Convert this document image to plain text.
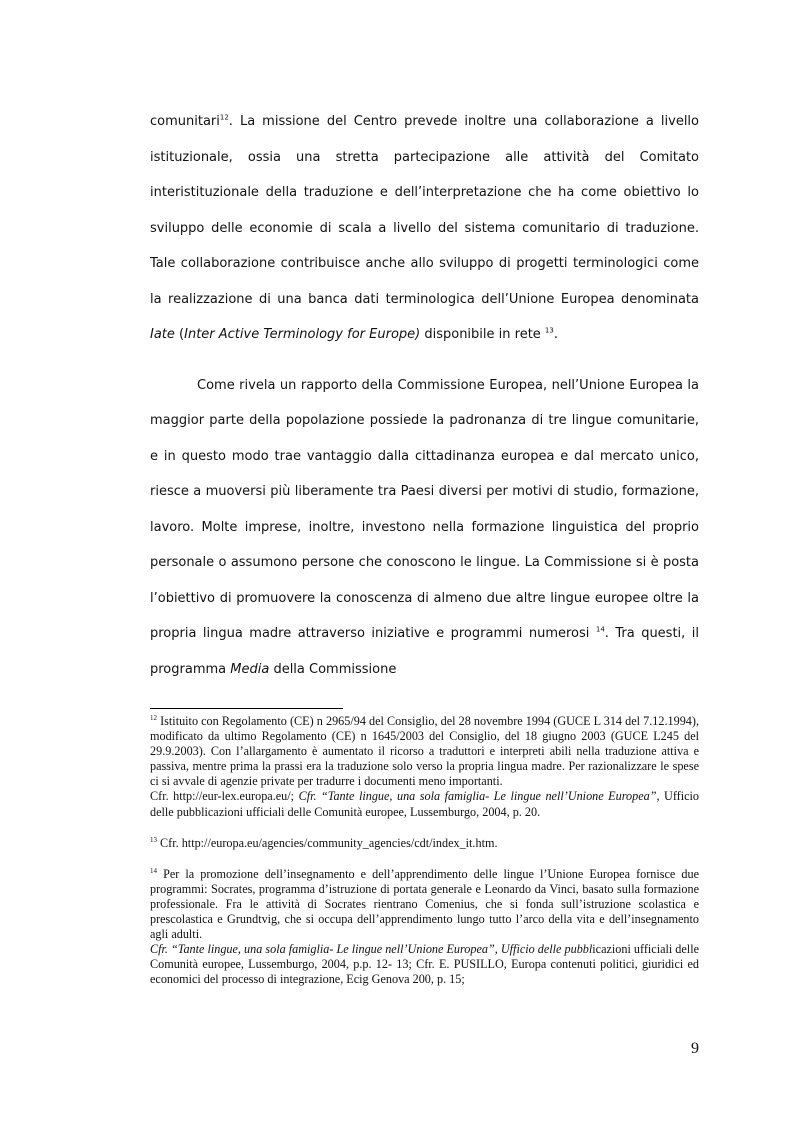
comunitari$^{12}$. La missione del Centro prevede inoltre una collaborazione a livello istituzionale, ossia una stretta partecipazione alle attività del Comitato interistituzionale della traduzione e dell’interpretazione che ha come obiettivo lo sviluppo delle economie di scala a livello del sistema comunitario di traduzione. Tale collaborazione contribuisce anche allo sviluppo di progetti terminologici come la realizzazione di una banca dati terminologica dell’Unione Europea denominata Iate (Inter Active Terminology for Europe) disponibile in rete $^{13}$.

Come rivela un rapporto della Commissione Europea, nell’Unione Europea la maggior parte della popolazione possiede la padronanza di tre lingue comunitarie, e in questo modo trae vantaggio dalla cittadinanza europea e dal mercato unico, riesce a muoversi più liberamente tra Paesi diversi per motivi di studio, formazione, lavoro. Molte imprese, inoltre, investono nella formazione linguistica del proprio personale o assumono persone che conoscono le lingue. La Commissione si è posta l’obiettivo di promuovere la conoscenza di almeno due altre lingue europee oltre la propria lingua madre attraverso iniziative e programmi numerosi $^{14}$. Tra questi, il programma Media della Commissione

$^{12}$ Istituito con Regolamento (CE) n 2965/94 del Consiglio, del 28 novembre 1994 (GUCE L 314 del 7.12.1994), modificato da ultimo Regolamento (CE) n 1645/2003 del Consiglio, del 18 giugno 2003 (GUCE L245 del 29.9.2003). Con l’allargamento è aumentato il ricorso a traduttori e interpreti abili nella traduzione attiva e passiva, mentre prima la prassi era la traduzione solo verso la propria lingua madre. Per razionalizzare le spese ci si avvale di agenzie private per tradurre i documenti meno importanti.

Cfr. http://eur-lex.europa.eu/; Cfr. “Tante lingue, una sola famiglia- Le lingue nell’Unione Europea”, Ufficio delle pubblicazioni ufficiali delle Comunità europee, Lussemburgo, 2004, p. 20.

$^{13}$ Cfr. http://europa.eu/agencies/community_agencies/cdt/index_it.htm.

$^{14}$ Per la promozione dell’insegnamento e dell’apprendimento delle lingue l’Unione Europea fornisce due programmi: Socrates, programma d’istruzione di portata generale e Leonardo da Vinci, basato sulla formazione professionale. Fra le attività di Socrates rientrano Comenius, che si fonda sull’istruzione scolastica e prescolastica e Grundtvig, che si occupa dell’apprendimento lungo tutto l’arco della vita e dell’insegnamento agli adulti.

Cfr. “Tante lingue, una sola famiglia- Le lingue nell’Unione Europea”, Ufficio delle pubblicazioni ufficiali delle Comunità europee, Lussemburgo, 2004, p.p. 12- 13; Cfr. E. PUSILLO, Europa contenuti politici, giuridici ed economici del processo di integrazione, Ecig Genova 200, p. 15;

9
